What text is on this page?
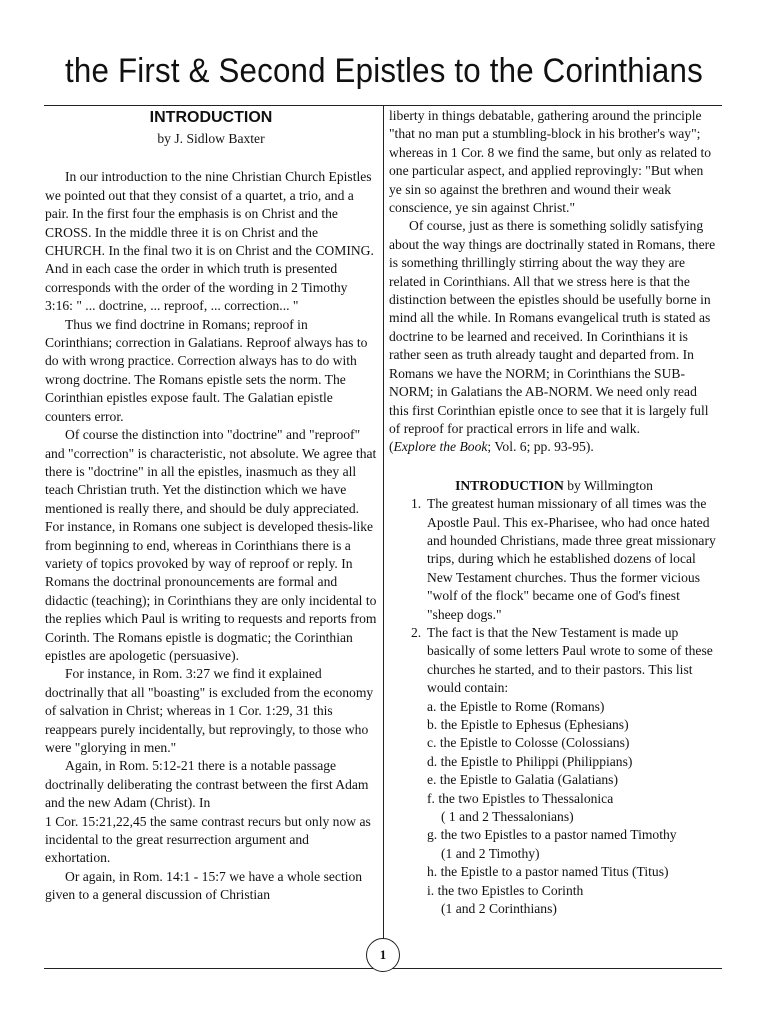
the First & Second Epistles to the Corinthians
INTRODUCTION
by J. Sidlow Baxter

In our introduction to the nine Christian Church Epistles we pointed out that they consist of a quartet, a trio, and a pair. In the first four the emphasis is on Christ and the CROSS. In the middle three it is on Christ and the CHURCH. In the final two it is on Christ and the COMING. And in each case the order in which truth is presented corresponds with the order of the wording in 2 Timothy 3:16: " ... doctrine, ... reproof, ... correction... "

Thus we find doctrine in Romans; reproof in Corinthians; correction in Galatians. Reproof always has to do with wrong practice. Correction always has to do with wrong doctrine. The Romans epistle sets the norm. The Corinthian epistles expose fault. The Galatian epistle counters error.

Of course the distinction into "doctrine" and "reproof" and "correction" is characteristic, not absolute. We agree that there is "doctrine" in all the epistles, inasmuch as they all teach Christian truth. Yet the distinction which we have mentioned is really there, and should be duly appreciated. For instance, in Romans one subject is developed thesis-like from beginning to end, whereas in Corinthians there is a variety of topics provoked by way of reproof or reply. In Romans the doctrinal pronouncements are formal and didactic (teaching); in Corinthians they are only incidental to the replies which Paul is writing to requests and reports from Corinth. The Romans epistle is dogmatic; the Corinthian epistles are apologetic (persuasive).

For instance, in Rom. 3:27 we find it explained doctrinally that all "boasting" is excluded from the economy of salvation in Christ; whereas in 1 Cor. 1:29, 31 this reappears purely incidentally, but reprovingly, to those who were "glorying in men."

Again, in Rom. 5:12-21 there is a notable passage doctrinally deliberating the contrast between the first Adam and the new Adam (Christ). In

1 Cor. 15:21,22,45 the same contrast recurs but only now as incidental to the great resurrection argument and exhortation.

Or again, in Rom. 14:1 - 15:7 we have a whole section given to a general discussion of Christian

liberty in things debatable, gathering around the principle "that no man put a stumbling-block in his brother's way"; whereas in 1 Cor. 8 we find the same, but only as related to one particular aspect, and applied reprovingly: "But when ye sin so against the brethren and wound their weak conscience, ye sin against Christ."

Of course, just as there is something solidly satisfying about the way things are doctrinally stated in Romans, there is something thrillingly stirring about the way they are related in Corinthians. All that we stress here is that the distinction between the epistles should be usefully borne in mind all the while. In Romans evangelical truth is stated as doctrine to be learned and received. In Corinthians it is rather seen as truth already taught and departed from. In Romans we have the NORM; in Corinthians the SUB-NORM; in Galatians the AB-NORM. We need only read this first Corinthian epistle once to see that it is largely full of reproof for practical errors in life and walk.
(Explore the Book; Vol. 6; pp. 93-95).

INTRODUCTION by Willmington
1. The greatest human missionary of all times was the Apostle Paul. This ex-Pharisee, who had once hated and hounded Christians, made three great missionary trips, during which he established dozens of local New Testament churches. Thus the former vicious "wolf of the flock" became one of God's finest "sheep dogs."
2. The fact is that the New Testament is made up basically of some letters Paul wrote to some of these churches he started, and to their pastors. This list would contain:
a. the Epistle to Rome (Romans)
b. the Epistle to Ephesus (Ephesians)
c. the Epistle to Colosse (Colossians)
d. the Epistle to Philippi (Philippians)
e. the Epistle to Galatia (Galatians)
f. the two Epistles to Thessalonica
( 1 and 2 Thessalonians)
g. the two Epistles to a pastor named Timothy
(1 and 2 Timothy)
h. the Epistle to a pastor named Titus (Titus)
i. the two Epistles to Corinth
(1 and 2 Corinthians)
1
